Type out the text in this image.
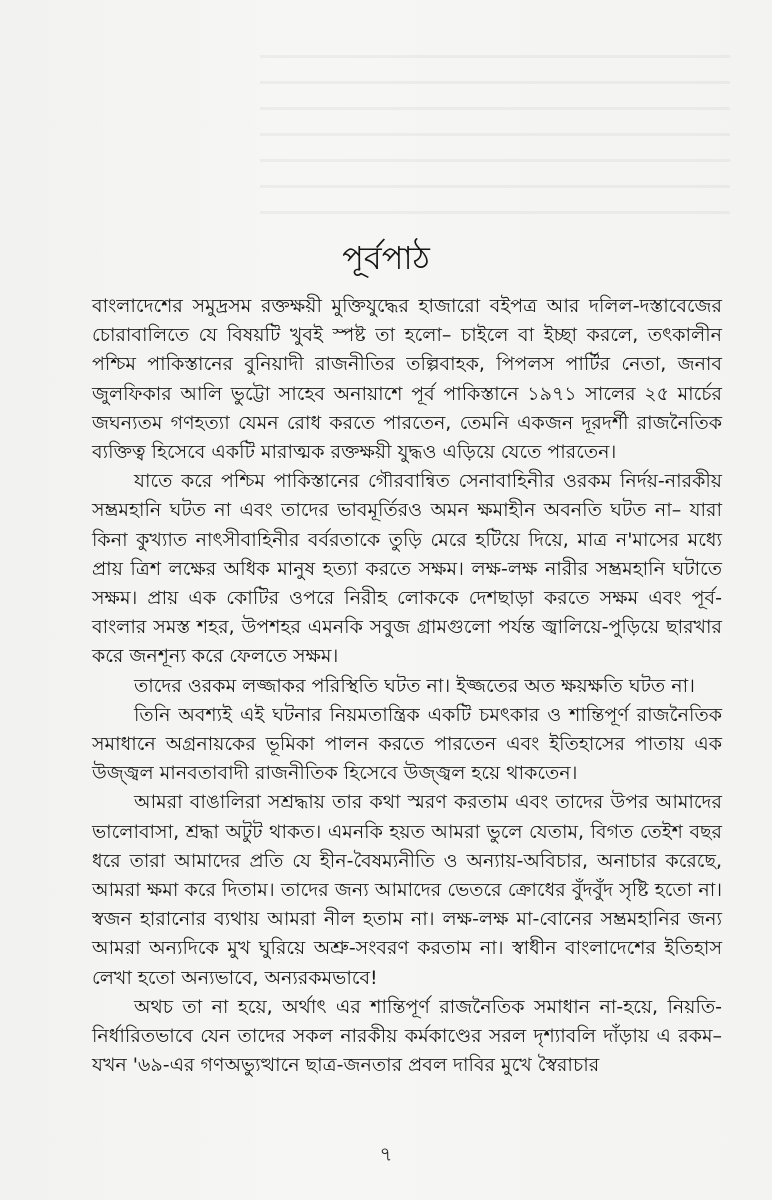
পূর্বপাঠ

বাংলাদেশের সমুদ্রসম রক্তক্ষয়ী মুক্তিযুদ্ধের হাজারো বইপত্র আর দলিল-দস্তাবেজের চোরাবালিতে যে বিষয়টি খুবই স্পষ্ট তা হলো– চাইলে বা ইচ্ছা করলে, তৎকালীন পশ্চিম পাকিস্তানের বুনিয়াদী রাজনীতির তল্পিবাহক, পিপলস পার্টির নেতা, জনাব জুলফিকার আলি ভুট্টো সাহেব অনায়াশে পূর্ব পাকিস্তানে ১৯৭১ সালের ২৫ মার্চের জঘন্যতম গণহত্যা যেমন রোধ করতে পারতেন, তেমনি একজন দূরদর্শী রাজনৈতিক ব্যক্তিত্ব হিসেবে একটি মারাত্মক রক্তক্ষয়ী যুদ্ধও এড়িয়ে যেতে পারতেন।

যাতে করে পশ্চিম পাকিস্তানের গৌরবান্বিত সেনাবাহিনীর ওরকম নির্দয়-নারকীয় সম্ভ্রমহানি ঘটত না এবং তাদের ভাবমূর্তিরও অমন ক্ষমাহীন অবনতি ঘটত না– যারা কিনা কুখ্যাত নাৎসীবাহিনীর বর্বরতাকে তুড়ি মেরে হটিয়ে দিয়ে, মাত্র ন'মাসের মধ্যে প্রায় ত্রিশ লক্ষের অধিক মানুষ হত্যা করতে সক্ষম। লক্ষ-লক্ষ নারীর সম্ভ্রমহানি ঘটাতে সক্ষম। প্রায় এক কোটির ওপরে নিরীহ লোককে দেশছাড়া করতে সক্ষম এবং পূর্ব-বাংলার সমস্ত শহর, উপশহর এমনকি সবুজ গ্রামগুলো পর্যন্ত জ্বালিয়ে-পুড়িয়ে ছারখার করে জনশূন্য করে ফেলতে সক্ষম।

তাদের ওরকম লজ্জাকর পরিস্থিতি ঘটত না। ইজ্জতের অত ক্ষয়ক্ষতি ঘটত না।

তিনি অবশ্যই এই ঘটনার নিয়মতান্ত্রিক একটি চমৎকার ও শান্তিপূর্ণ রাজনৈতিক সমাধানে অগ্রনায়কের ভূমিকা পালন করতে পারতেন এবং ইতিহাসের পাতায় এক উজ্জ্বল মানবতাবাদী রাজনীতিক হিসেবে উজ্জ্বল হয়ে থাকতেন।

আমরা বাঙালিরা সশ্রদ্ধায় তার কথা স্মরণ করতাম এবং তাদের উপর আমাদের ভালোবাসা, শ্রদ্ধা অটুট থাকত। এমনকি হয়ত আমরা ভুলে যেতাম, বিগত তেইশ বছর ধরে তারা আমাদের প্রতি যে হীন-বৈষম্যনীতি ও অন্যায়-অবিচার, অনাচার করেছে, আমরা ক্ষমা করে দিতাম। তাদের জন্য আমাদের ভেতরে ক্রোধের বুঁদবুঁদ সৃষ্টি হতো না। স্বজন হারানোর ব্যথায় আমরা নীল হতাম না। লক্ষ-লক্ষ মা-বোনের সম্ভ্রমহানির জন্য আমরা অন্যদিকে মুখ ঘুরিয়ে অশ্রু-সংবরণ করতাম না। স্বাধীন বাংলাদেশের ইতিহাস লেখা হতো অন্যভাবে, অন্যরকমভাবে!

অথচ তা না হয়ে, অর্থাৎ এর শান্তিপূর্ণ রাজনৈতিক সমাধান না-হয়ে, নিয়তি-নির্ধারিতভাবে যেন তাদের সকল নারকীয় কর্মকাণ্ডের সরল দৃশ্যাবলি দাঁড়ায় এ রকম– যখন '৬৯-এর গণঅভ্যুত্থানে ছাত্র-জনতার প্রবল দাবির মুখে স্বৈরাচার

৭
